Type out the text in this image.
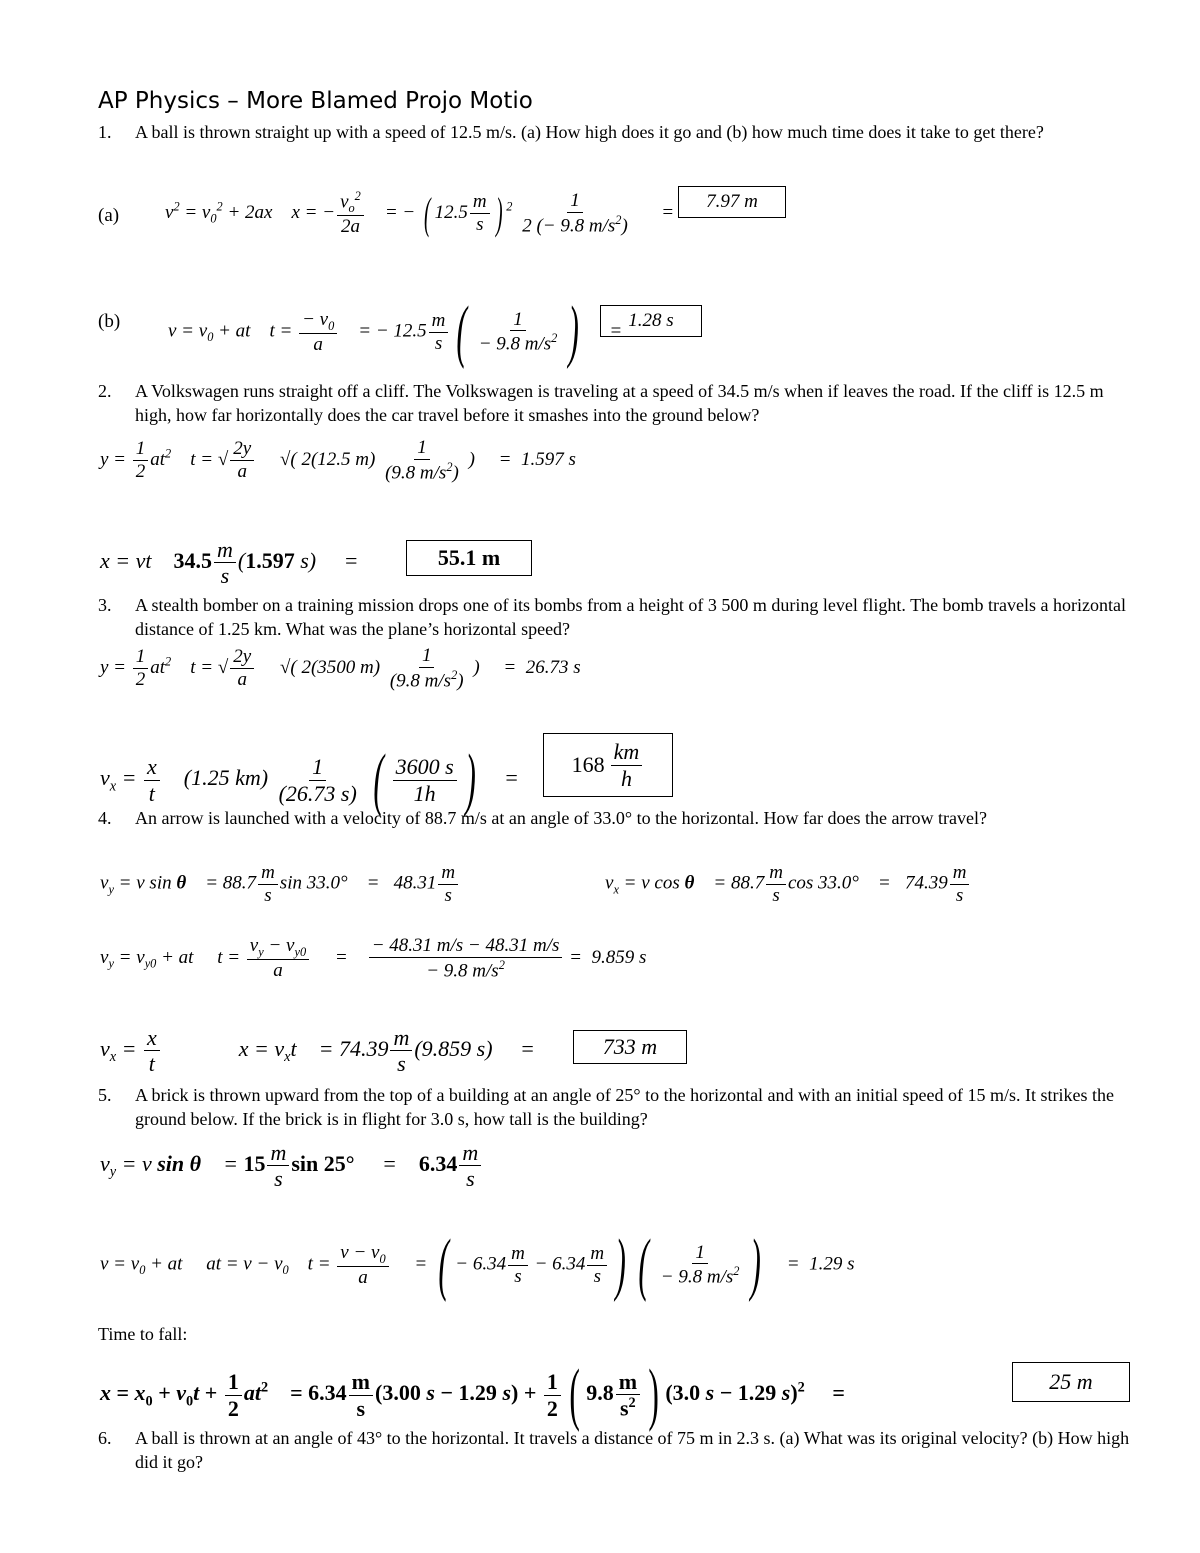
AP Physics – More Blamed Projo Motio
1. A ball is thrown straight up with a speed of 12.5 m/s. (a) How high does it go and (b) how much time does it take to get there?
(a) $v^2 = v_0^2 + 2ax$    x = − $\frac{v_o^2}{2a}$ = − ( $12.5 \frac{m}{s}$ ) $^2 \frac{1}{2 (- 9.8 m/s^2)}$ =
7.97 m
(b)	$v = v_0$ + at    $t = \frac{- v_0}{a}$ = − $12.5 \frac{m}{s}$ ( $\frac{1}{- 9.8 m/s^2}$ )     = 1.28 s
2. A Volkswagen runs straight off a cliff. The Volkswagen is traveling at a speed of 34.5 m/s when if leaves the road. If the cliff is 12.5 m high, how far horizontally does the car travel before it smashes into the ground below?
$y = \frac{1}{2} at^2$    t = √ $\frac{2y}{a}$ √( 2(12.5 $m) \frac{1}{(9.8 m/s^2)}$ )     =  1.597 s
x = vt    $34.5 \frac{m}{s} (1.597$ s)     =	55.1 m
3. A stealth bomber on a training mission drops one of its bombs from a height of 3 500 m during level flight. The bomb travels a horizontal distance of 1.25 km. What was the plane’s horizontal speed?
$y = \frac{1}{2} at^2$    t = √ $\frac{2y}{a}$ √( 2(3500 $m) \frac{1}{(9.8 m/s^2)}$ )     =  26.73 s
$v_x = \frac{x}{t} (1.25$ $km) \frac{1}{(26.73 s)}$ ( $\frac{3600 s}{1h}$ )    =
$168 \frac{km}{h}$
4. An arrow is launched with a velocity of 88.7 m/s at an angle of 33.0° to the horizontal. How far does the arrow travel?
$v_y = v$ sin θ    = $88.7 \frac{m}{s}$ sin 33.0°    =   $48.31 \frac{m}{s}$	$v_x = v$ cos θ    = $88.7 \frac{m}{s}$ cos 33.0°    =   $74.39 \frac{m}{s}$
$v_y = v_{y0}$ + at     $t = \frac{v_y - v_{y0}}{a} = \frac{- 48.31 m/s - 48.31 m/s}{- 9.8 m/s^2} = 9.859$ s
$v_x = \frac{x}{t}$ $x = v_xt$    = $74.39 \frac{m}{s} (9.859$ s)     =	733 m
5. A brick is thrown upward from the top of a building at an angle of 25° to the horizontal and with an initial speed of 15 m/s. It strikes the ground below. If the brick is in flight for 3.0 s, how tall is the building?
$v_y = v$ sin θ    = $15 \frac{m}{s}$ sin 25°     =    $6.34 \frac{m}{s}$
$v = v_0$ + at     at = $v - v_0$    $t = \frac{v - v_0}{a}$ = ( − $6.34 \frac{m}{s} - 6.34 \frac{m}{s}$ ) ( $\frac{1}{- 9.8 m/s^2}$ )    =  1.29 s
Time to fall:
$x = x_0 + v_0t + \frac{1}{2} at^2$    = $6.34 \frac{m}{s} (3.00$ s − 1.29 $s) + \frac{1}{2}$ ( $9.8 \frac{m}{s^2}$ ) (3.0 s − 1.29 s)$^2$     =	25 m
6. A ball is thrown at an angle of 43° to the horizontal. It travels a distance of 75 m in 2.3 s. (a) What was its original velocity? (b) How high did it go?
